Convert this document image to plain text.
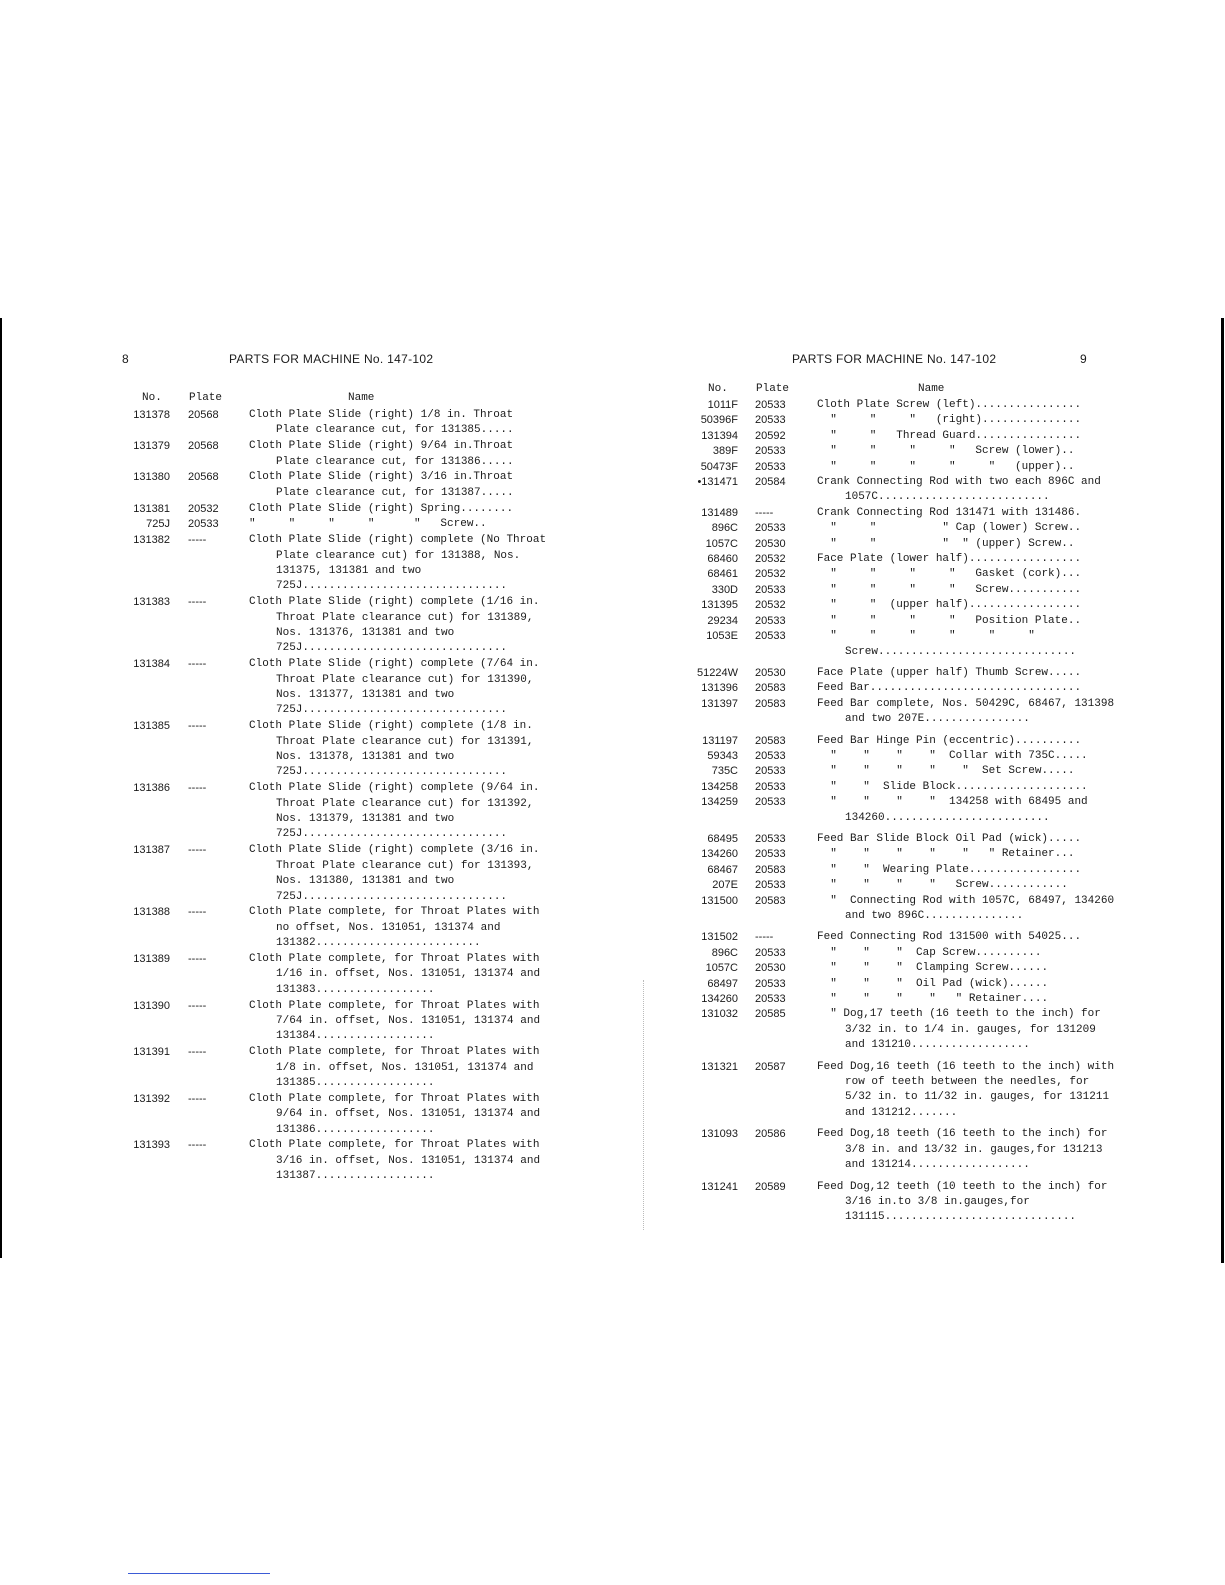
8	PARTS FOR MACHINE No. 147-102
No. Plate	Name
131378 20568	Cloth Plate Slide (right) 1/8 in. Throat Plate clearance cut, for 131385.....
131379 20568	Cloth Plate Slide (right) 9/64 in.Throat Plate clearance cut, for 131386.....
131380 20568	Cloth Plate Slide (right) 3/16 in.Throat Plate clearance cut, for 131387.....
131381 20532	Cloth Plate Slide (right) Spring........
725J 20533	"     "     "     "      "   Screw..
131382 -----	Cloth Plate Slide (right) complete (No Throat Plate clearance cut) for 131388, Nos. 131375, 131381 and two 725J...............................
131383 -----	Cloth Plate Slide (right) complete (1/16 in. Throat Plate clearance cut) for 131389, Nos. 131376, 131381 and two 725J...............................
131384 -----	Cloth Plate Slide (right) complete (7/64 in. Throat Plate clearance cut) for 131390, Nos. 131377, 131381 and two 725J...............................
131385 -----	Cloth Plate Slide (right) complete (1/8 in. Throat Plate clearance cut) for 131391, Nos. 131378, 131381 and two 725J...............................
131386 -----	Cloth Plate Slide (right) complete (9/64 in. Throat Plate clearance cut) for 131392, Nos. 131379, 131381 and two 725J...............................
131387 -----	Cloth Plate Slide (right) complete (3/16 in. Throat Plate clearance cut) for 131393, Nos. 131380, 131381 and two 725J...............................
131388 -----	Cloth Plate complete, for Throat Plates with no offset, Nos. 131051, 131374 and 131382.........................
131389 -----	Cloth Plate complete, for Throat Plates with 1/16 in. offset, Nos. 131051, 131374 and 131383..................
131390 -----	Cloth Plate complete, for Throat Plates with 7/64 in. offset, Nos. 131051, 131374 and 131384..................
131391 -----	Cloth Plate complete, for Throat Plates with 1/8 in. offset, Nos. 131051, 131374 and 131385..................
131392 -----	Cloth Plate complete, for Throat Plates with 9/64 in. offset, Nos. 131051, 131374 and 131386..................
131393 -----	Cloth Plate complete, for Throat Plates with 3/16 in. offset, Nos. 131051, 131374 and 131387..................
PARTS FOR MACHINE No. 147-102	9
No.	Plate	Name
1011F 20533	Cloth Plate Screw (left)................
50396F 20533	"     "     "   (right)...............
131394 20592	"     "   Thread Guard................
389F 20533	"     "     "     "   Screw (lower)..
50473F 20533	"     "     "     "     "   (upper)..
•131471 20584	Crank Connecting Rod with two each 896C and 1057C..........................
131489 -----	Crank Connecting Rod 131471 with 131486.
896C 20533	"     "          " Cap (lower) Screw..
1057C 20530	"     "          "  " (upper) Screw..
68460 20532	Face Plate (lower half).................
68461 20532	"     "     "     "   Gasket (cork)...
330D 20533	"     "     "     "   Screw...........
131395 20532	"     "  (upper half).................
29234 20533	"     "     "     "   Position Plate..
1053E 20533	"     "     "     "     "     " Screw..............................
51224W 20530	Face Plate (upper half) Thumb Screw.....
131396 20583	Feed Bar................................
131397 20583	Feed Bar complete, Nos. 50429C, 68467, 131398 and two 207E................
131197 20583	Feed Bar Hinge Pin (eccentric)..........
59343 20533	"    "    "    "  Collar with 735C.....
735C 20533	"    "    "    "    "  Set Screw.....
134258 20533	"    "  Slide Block....................
134259 20533	"    "    "    "  134258 with 68495 and 134260.........................
68495 20533	Feed Bar Slide Block Oil Pad (wick).....
134260 20533	"    "    "    "    "   " Retainer...
68467 20583	"    "  Wearing Plate.................
207E 20533	"    "    "    "   Screw............
131500 20583	"  Connecting Rod with 1057C, 68497, 134260 and two 896C...............
131502 -----	Feed Connecting Rod 131500 with 54025...
896C 20533	"    "    "  Cap Screw..........
1057C 20530	"    "    "  Clamping Screw......
68497 20533	"    "    "  Oil Pad (wick)......
134260 20533	"    "    "    "   " Retainer....
131032 20585	" Dog,17 teeth (16 teeth to the inch) for 3/32 in. to 1/4 in. gauges, for 131209 and 131210..................
131321 20587	Feed Dog,16 teeth (16 teeth to the inch) with row of teeth between the needles, for 5/32 in. to 11/32 in. gauges, for 131211 and 131212.......
131093 20586	Feed Dog,18 teeth (16 teeth to the inch) for 3/8 in. and 13/32 in. gauges,for 131213 and 131214..................
131241 20589	Feed Dog,12 teeth (10 teeth to the inch) for 3/16 in.to 3/8 in.gauges,for 131115.............................
